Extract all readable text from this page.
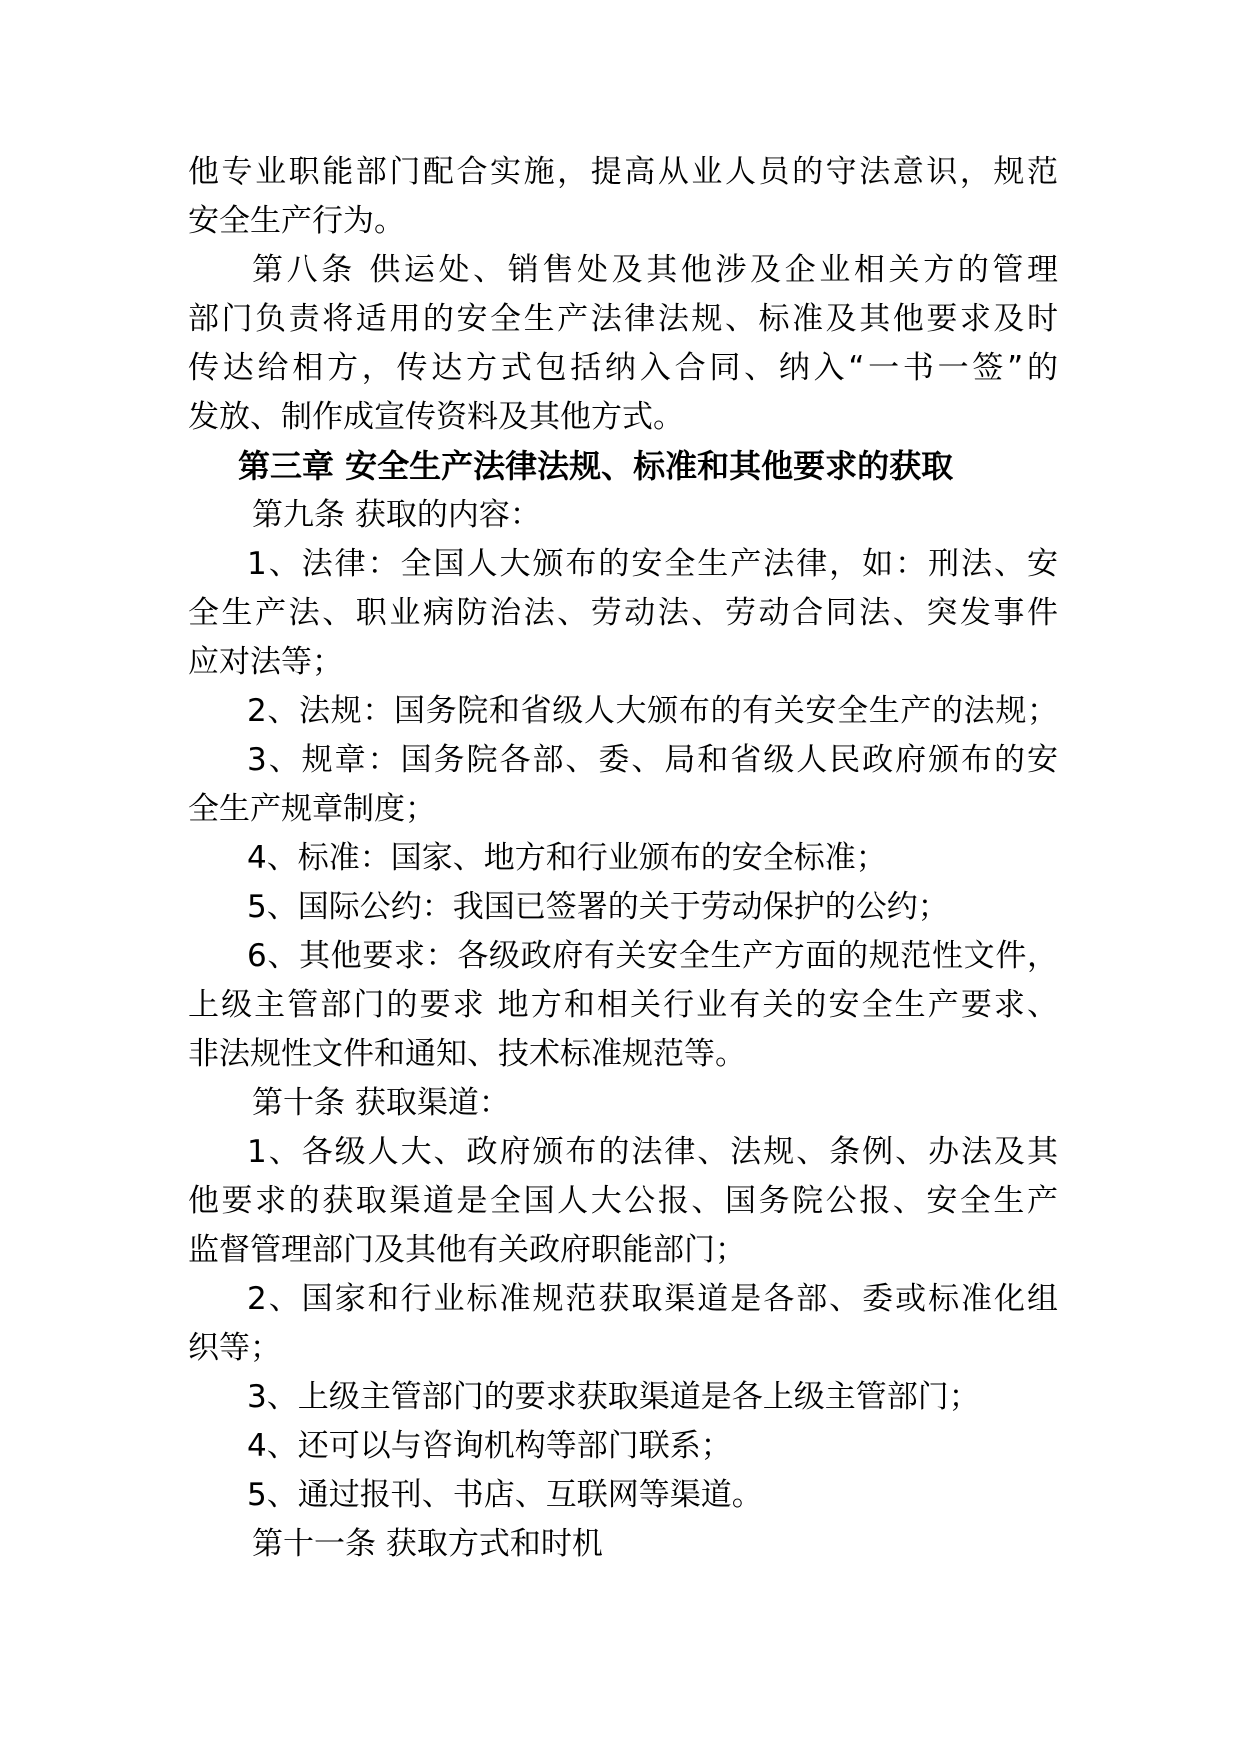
他专业职能部门配合实施，提高从业人员的守法意识，规范
安全生产行为。
第八条 供运处、销售处及其他涉及企业相关方的管理
部门负责将适用的安全生产法律法规、标准及其他要求及时
传达给相方，传达方式包括纳入合同、纳入“一书一签”的
发放、制作成宣传资料及其他方式。
第三章 安全生产法律法规、标准和其他要求的获取
第九条 获取的内容：
1、法律：全国人大颁布的安全生产法律，如：刑法、安
全生产法、职业病防治法、劳动法、劳动合同法、突发事件
应对法等；
2、法规：国务院和省级人大颁布的有关安全生产的法规；
3、规章：国务院各部、委、局和省级人民政府颁布的安
全生产规章制度；
4、标准：国家、地方和行业颁布的安全标准；
5、国际公约：我国已签署的关于劳动保护的公约；
6、其他要求：各级政府有关安全生产方面的规范性文件，
上级主管部门的要求 地方和相关行业有关的安全生产要求、
非法规性文件和通知、技术标准规范等。
第十条 获取渠道：
1、各级人大、政府颁布的法律、法规、条例、办法及其
他要求的获取渠道是全国人大公报、国务院公报、安全生产
监督管理部门及其他有关政府职能部门；
2、国家和行业标准规范获取渠道是各部、委或标准化组
织等；
3、上级主管部门的要求获取渠道是各上级主管部门；
4、还可以与咨询机构等部门联系；
5、通过报刊、书店、互联网等渠道。
第十一条 获取方式和时机
